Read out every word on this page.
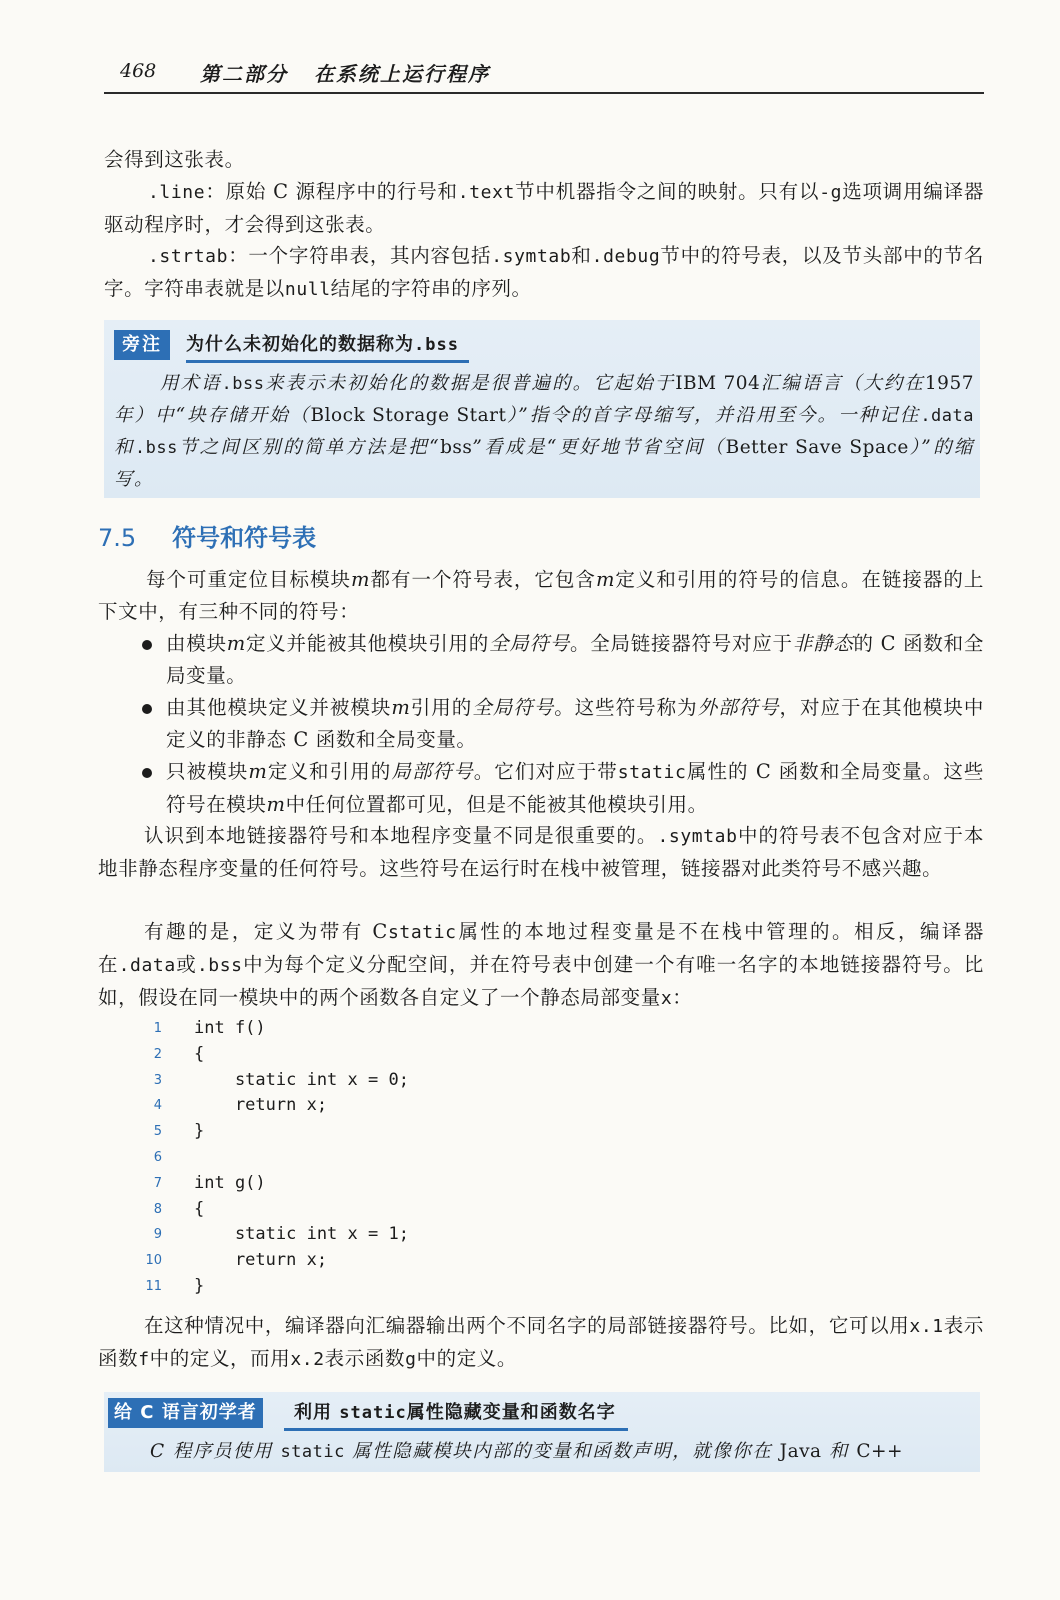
468 第二部分 在系统上运行程序
会得到这张表。
.line：原始 C 源程序中的行号和.text节中机器指令之间的映射。只有以-g选项调用编译器驱动程序时，才会得到这张表。
.strtab：一个字符串表，其内容包括.symtab和.debug节中的符号表，以及节头部中的节名字。字符串表就是以null结尾的字符串的序列。
旁注	为什么未初始化的数据称为.bss
用术语.bss来表示未初始化的数据是很普遍的。它起始于IBM 704汇编语言（大约在1957年）中“块存储开始（Block Storage Start）”指令的首字母缩写，并沿用至今。一种记住.data和.bss节之间区别的简单方法是把“bss”看成是“更好地节省空间（Better Save Space）”的缩写。
7.5 符号和符号表
每个可重定位目标模块m都有一个符号表，它包含m定义和引用的符号的信息。在链接器的上下文中，有三种不同的符号：
由模块m定义并能被其他模块引用的全局符号。全局链接器符号对应于非静态的 C 函数和全局变量。
由其他模块定义并被模块m引用的全局符号。这些符号称为外部符号，对应于在其他模块中定义的非静态 C 函数和全局变量。
只被模块m定义和引用的局部符号。它们对应于带static属性的 C 函数和全局变量。这些符号在模块m中任何位置都可见，但是不能被其他模块引用。
认识到本地链接器符号和本地程序变量不同是很重要的。.symtab中的符号表不包含对应于本地非静态程序变量的任何符号。这些符号在运行时在栈中被管理，链接器对此类符号不感兴趣。
有趣的是，定义为带有 Cstatic属性的本地过程变量是不在栈中管理的。相反，编译器在.data或.bss中为每个定义分配空间，并在符号表中创建一个有唯一名字的本地链接器符号。比如，假设在同一模块中的两个函数各自定义了一个静态局部变量x：
1 int f()
2 {
3 static int x = 0;
4 return x;
5 }
6
7 int g()
8 {
9 static int x = 1;
10 return x;
11 }
在这种情况中，编译器向汇编器输出两个不同名字的局部链接器符号。比如，它可以用x.1表示函数f中的定义，而用x.2表示函数g中的定义。
给 C 语言初学者	利用 static属性隐藏变量和函数名字
C 程序员使用 static 属性隐藏模块内部的变量和函数声明，就像你在 Java 和 C++
